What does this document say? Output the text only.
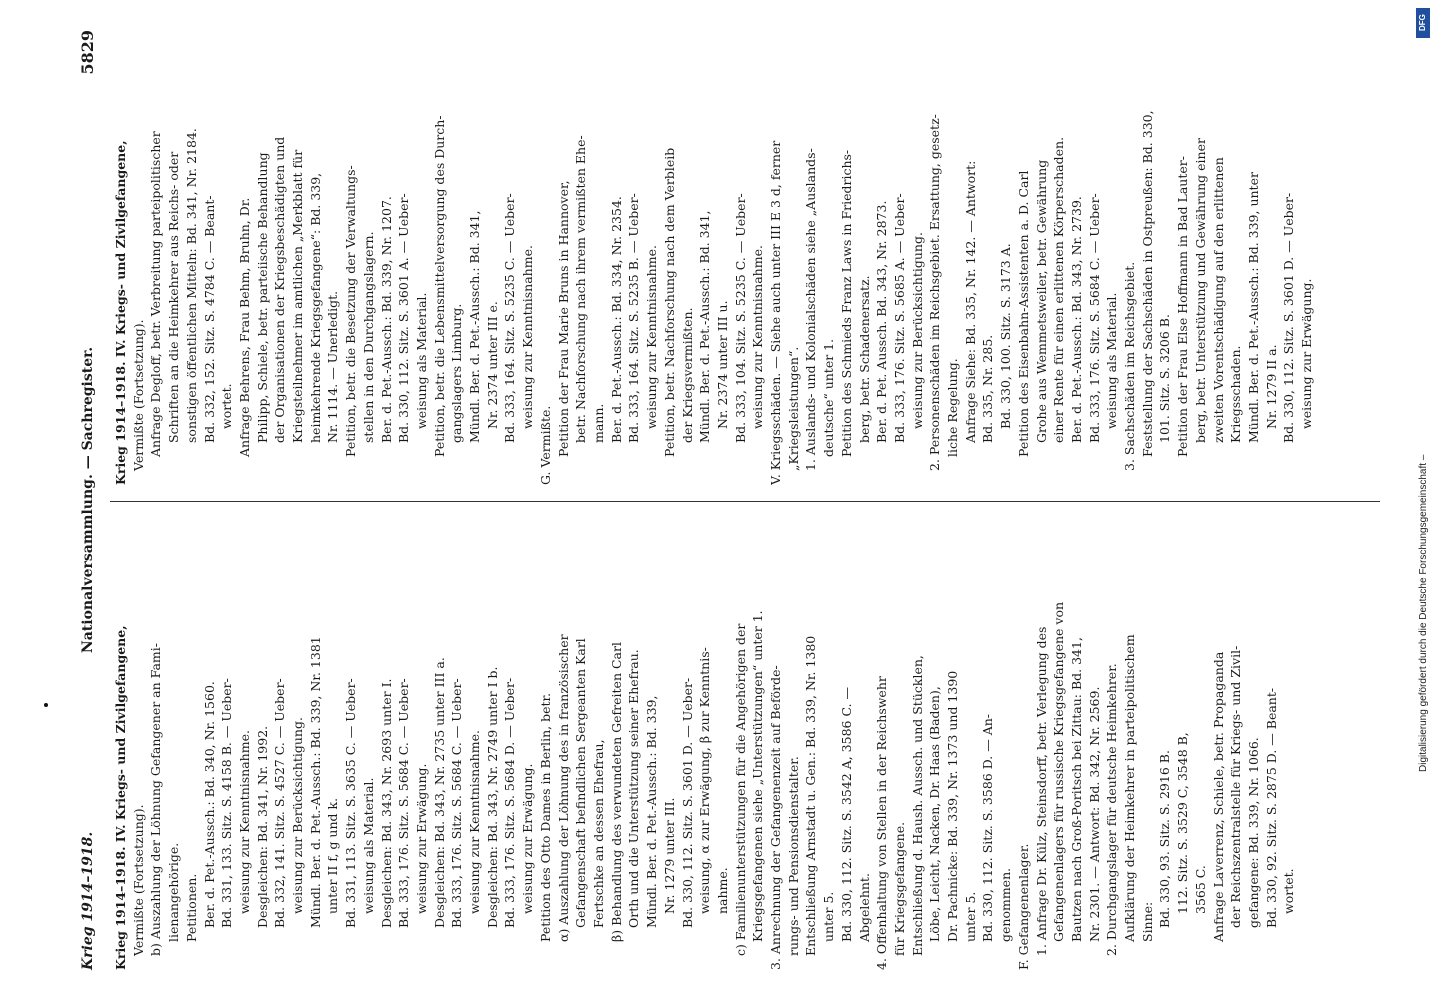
Krieg 1914–1918.
Nationalversammlung. — Sachregister.
5829
Krieg 1914–1918. IV. Kriegs- und Zivilgefangene, Vermißte (Fortsetzung). b) Auszahlung der Löhnung Gefangener an Fami- lienangehörige. Petitionen. Ber. d. Pet.-Aussch.: Bd. 340, Nr. 1560. Bd. 331, 133. Sitz. S. 4158 B. — Ueber- weisung zur Kenntnisnahme. Desgleichen: Bd. 341, Nr. 1992. Bd. 332, 141. Sitz. S. 4527 C. — Ueber- weisung zur Berücksichtigung. Mündl. Ber. d. Pet.-Aussch.: Bd. 339, Nr. 1381 unter II f, g und k. Bd. 331, 113. Sitz. S. 3635 C. — Ueber- weisung als Material. Desgleichen: Bd. 343, Nr. 2693 unter I. Bd. 333, 176. Sitz. S. 5684 C. — Ueber- weisung zur Erwägung. Desgleichen: Bd. 343, Nr. 2735 unter III a. Bd. 333, 176. Sitz. S. 5684 C. — Ueber- weisung zur Kenntnisnahme. Desgleichen: Bd. 343, Nr. 2749 unter I b. Bd. 333, 176. Sitz. S. 5684 D. — Ueber- weisung zur Erwägung. Petition des Otto Dames in Berlin, betr. α) Auszahlung der Löhnung des in französischer Gefangenschaft befindlichen Sergeanten Karl Fertschke an dessen Ehefrau, β) Behandlung des verwundeten Gefreiten Carl Orth und die Unterstützung seiner Ehefrau. Mündl. Ber. d. Pet.-Aussch.: Bd. 339, Nr. 1279 unter III. Bd. 330, 112. Sitz. S. 3601 D. — Ueber- weisung, α zur Erwägung, β zur Kenntnis- nahme. c) Familienunterstützungen für die Angehörigen der Kriegsgefangenen siehe „Unterstützungen“ unter 1. 3. Anrechnung der Gefangenenzeit auf Beförde- rungs- und Pensionsdienstalter. Entschließung Arnstadt u. Gen.: Bd. 339, Nr. 1380 unter 5. Bd. 330, 112. Sitz. S. 3542 A, 3586 C. — Abgelehnt. 4. Offenhaltung von Stellen in der Reichswehr für Kriegsgefangene. Entschließung d. Haush. Aussch. und Stücklen, Löbe, Leicht, Nacken, Dr. Haas (Baden), Dr. Pachnicke: Bd. 339, Nr. 1373 und 1390 unter 5. Bd. 330, 112. Sitz. S. 3586 D. — An- genommen. F. Gefangenenlager. 1. Anfrage Dr. Külz, Steinsdorff, betr. Verlegung des Gefangenenlagers für russische Kriegsgefangene von Bautzen nach Groß-Poritsch bei Zittau: Bd. 341, Nr. 2301. — Antwort: Bd. 342, Nr. 2569. 2. Durchgangslager für deutsche Heimkehrer. Aufklärung der Heimkehrer in parteipolitischem Sinne: Bd. 330, 93. Sitz. S. 2916 B. 112. Sitz. S. 3529 C, 3548 B, 3565 C. Anfrage Laverrenz, Schiele, betr. Propaganda der Reichszentralstelle für Kriegs- und Zivil- gefangene: Bd. 339, Nr. 1066. Bd. 330, 92. Sitz. S. 2875 D. — Beant- wortet.
Krieg 1914–1918. IV. Kriegs- und Zivilgefangene, Vermißte (Fortsetzung). Anfrage Degloff, betr. Verbreitung parteipolitischer Schriften an die Heimkehrer aus Reichs- oder sonstigen öffentlichen Mitteln: Bd. 341, Nr. 2184. Bd. 332, 152. Sitz. S. 4784 C. — Beant- wortet. Anfrage Behrens, Frau Behm, Bruhn, Dr. Philipp, Schiele, betr. parteiische Behandlung der Organisationen der Kriegsbeschädigten und Kriegsteilnehmer im amtlichen „Merkblatt für heimkehrende Kriegsgefangene“: Bd. 339, Nr. 1114. — Unerledigt. Petition, betr. die Besetzung der Verwaltungs- stellen in den Durchgangslagern. Ber. d. Pet.-Aussch.: Bd. 339, Nr. 1207. Bd. 330, 112. Sitz. S. 3601 A. — Ueber- weisung als Material. Petition, betr. die Lebensmittelversorgung des Durch- gangslagers Limburg. Mündl. Ber. d. Pet.-Aussch.: Bd. 341, Nr. 2374 unter III e. Bd. 333, 164. Sitz. S. 5235 C. — Ueber- weisung zur Kenntnisnahme.
G. Vermißte. Petition der Frau Marie Bruns in Hannover, betr. Nachforschung nach ihrem vermißten Ehe- mann. Ber. d. Pet.-Aussch.: Bd. 334, Nr. 2354. Bd. 333, 164. Sitz. S. 5235 B. — Ueber- weisung zur Kenntnisnahme. Petition, betr. Nachforschung nach dem Verbleib der Kriegsvermißten. Mündl. Ber. d. Pet.-Aussch.: Bd. 341, Nr. 2374 unter III u. Bd. 333, 104. Sitz. S. 5235 C. — Ueber- weisung zur Kenntnisnahme. V. Kriegsschäden. — Siehe auch unter III E 3 d, ferner „Kriegsleistungen“. 1. Auslands- und Kolonialschäden siehe „Auslands- deutsche“ unter 1. Petition des Schmieds Franz Laws in Friedrichs- berg, betr. Schadenersatz. Ber. d. Pet. Aussch. Bd. 343, Nr. 2873. Bd. 333, 176. Sitz. S. 5685 A. — Ueber- weisung zur Berücksichtigung. 2. Personenschäden im Reichsgebiet. Ersattung, gesetz- liche Regelung. Anfrage Siehe: Bd. 335, Nr. 142. — Antwort: Bd. 335, Nr. 285. Bd. 330, 100. Sitz. S. 3173 A. Petition des Eisenbahn-Assistenten a. D. Carl Grohe aus Wemmetsweiler, betr. Gewährung einer Rente für einen erlittenen Körperschaden. Ber. d. Pet.-Aussch.: Bd. 343, Nr. 2739. Bd. 333, 176. Sitz. S. 5684 C. — Ueber- weisung als Material. 3. Sachschäden im Reichsgebiet. Feststellung der Sachschäden in Ostpreußen: Bd. 330, 101. Sitz. S. 3206 B. Petition der Frau Else Hoffmann in Bad Lauter- berg, betr. Unterstützung und Gewährung einer zweiten Vorentschädigung auf den erlittenen Kriegsschaden. Mündl. Ber. d. Pet.-Aussch.: Bd. 339, unter Nr. 1279 II a. Bd. 330, 112. Sitz. S. 3601 D. — Ueber- weisung zur Erwägung.
DFG
Digitalisierung gefördert durch die Deutsche Forschungsgemeinschaft –
